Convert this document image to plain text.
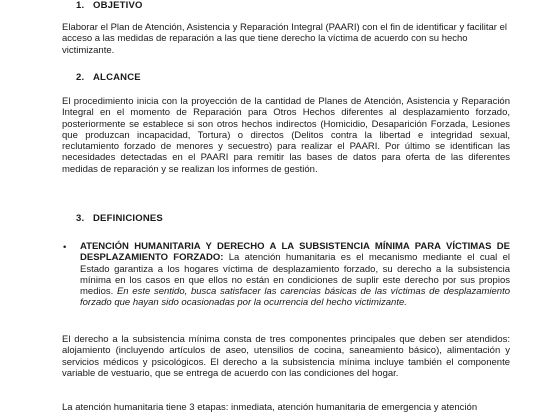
1. OBJETIVO

Elaborar el Plan de Atención, Asistencia y Reparación Integral (PAARI) con el fin de identificar y facilitar el acceso a las medidas de reparación a las que tiene derecho la víctima de acuerdo con su hecho victimizante.

2. ALCANCE

El procedimiento inicia con la proyección de la cantidad de Planes de Atención, Asistencia y Reparación Integral en el momento de Reparación para Otros Hechos diferentes al desplazamiento forzado, posteriormente se establece si son otros hechos indirectos (Homicidio, Desaparición Forzada, Lesiones que produzcan incapacidad, Tortura) o directos (Delitos contra la libertad e integridad sexual, reclutamiento forzado de menores y secuestro) para realizar el PAARI. Por último se identifican las necesidades detectadas en el PAARI para remitir las bases de datos para oferta de las diferentes medidas de reparación y se realizan los informes de gestión.

3. DEFINICIONES
• ATENCIÓN HUMANITARIA Y DERECHO A LA SUBSISTENCIA MÍNIMA PARA VÍCTIMAS DE DESPLAZAMIENTO FORZADO: La atención humanitaria es el mecanismo mediante el cual el Estado garantiza a los hogares víctima de desplazamiento forzado, su derecho a la subsistencia mínima en los casos en que ellos no están en condiciones de suplir este derecho por sus propios medios. En este sentido, busca satisfacer las carencias básicas de las víctimas de desplazamiento forzado que hayan sido ocasionadas por la ocurrencia del hecho victimizante.

El derecho a la subsistencia mínima consta de tres componentes principales que deben ser atendidos: alojamiento (incluyendo artículos de aseo, utensilios de cocina, saneamiento básico), alimentación y servicios médicos y psicológicos. El derecho a la subsistencia mínima incluye también el componente variable de vestuario, que se entrega de acuerdo con las condiciones del hogar.

La atención humanitaria tiene 3 etapas: inmediata, atención humanitaria de emergencia y atención
